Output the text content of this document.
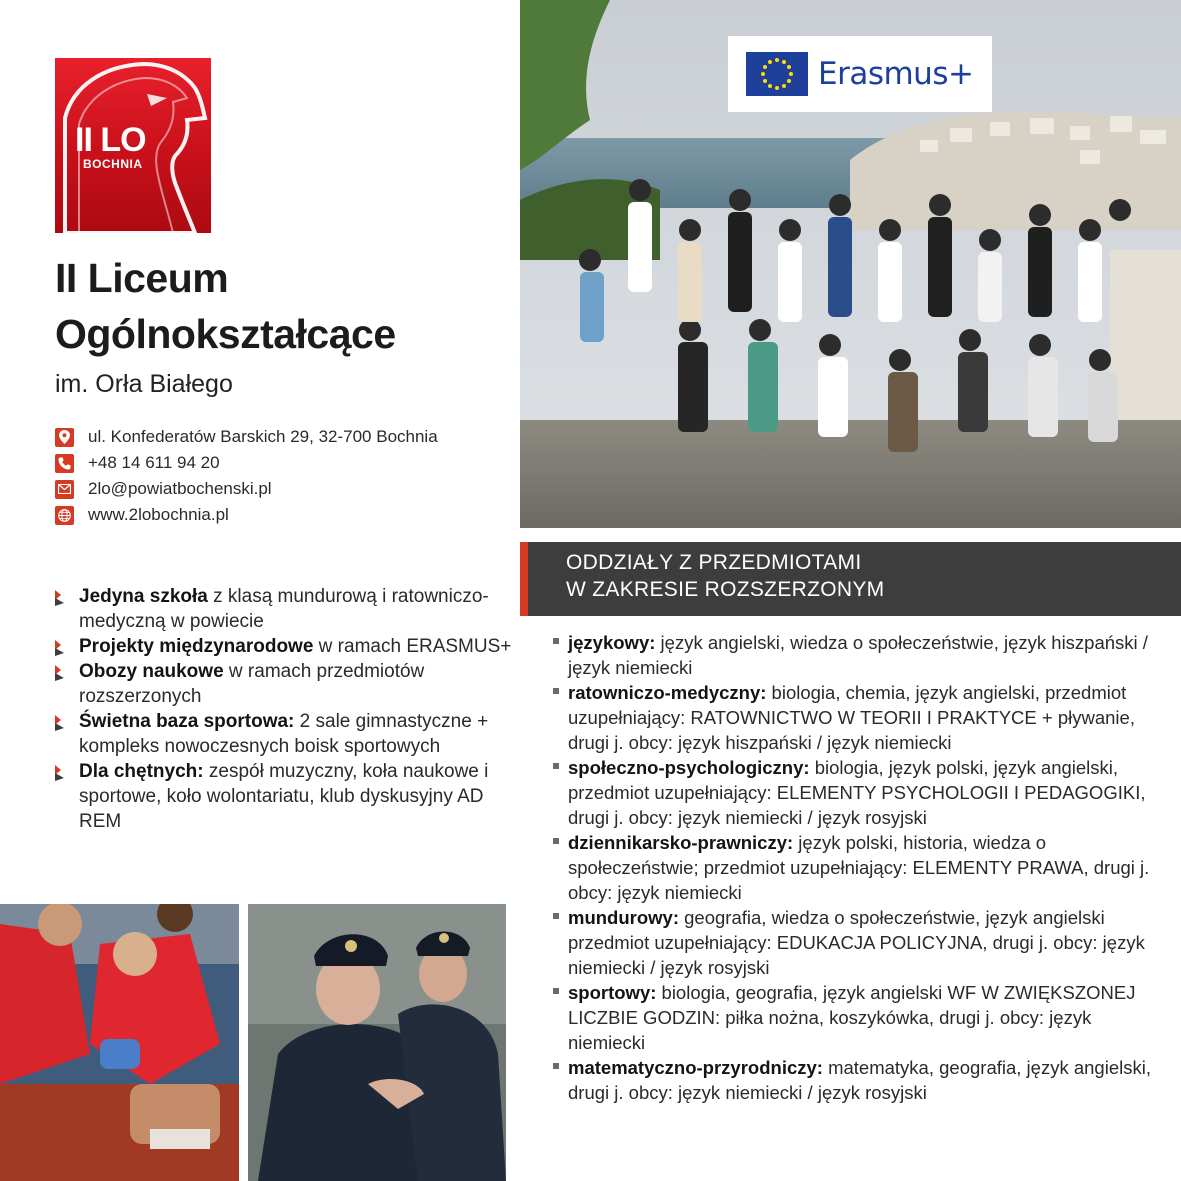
II LO
BOCHNIA
II Liceum
Ogólnokształcące
im. Orła Białego
ul. Konfederatów Barskich 29, 32-700 Bochnia
+48 14 611 94 20
2lo@powiatbochenski.pl
www.2lobochnia.pl
Jedyna szkoła z klasą mundurową i ratowniczo-medyczną w powiecie
Projekty międzynarodowe w ramach ERASMUS+
Obozy naukowe w ramach przedmiotów rozszerzonych
Świetna baza sportowa: 2 sale gimnastyczne + kompleks nowoczesnych boisk sportowych
Dla chętnych: zespół muzyczny, koła naukowe i sportowe, koło wolontariatu, klub dyskusyjny AD REM
Erasmus+
ODDZIAŁY Z PRZEDMIOTAMI
W ZAKRESIE ROZSZERZONYM
językowy: język angielski, wiedza o społeczeństwie, język hiszpański / język niemiecki
ratowniczo-medyczny: biologia, chemia, język angielski, przedmiot uzupełniający: RATOWNICTWO W TEORII I PRAKTYCE + pływanie, drugi j. obcy: język hiszpański / język niemiecki
społeczno-psychologiczny: biologia, język polski, język angielski, przedmiot uzupełniający: ELEMENTY PSYCHOLOGII I PEDAGOGIKI, drugi j. obcy: język niemiecki / język rosyjski
dziennikarsko-prawniczy: język polski, historia, wiedza o społeczeństwie; przedmiot uzupełniający: ELEMENTY PRAWA, drugi j. obcy: język niemiecki
mundurowy: geografia, wiedza o społeczeństwie, język angielski przedmiot uzupełniający: EDUKACJA POLICYJNA, drugi j. obcy: język niemiecki / język rosyjski
sportowy: biologia, geografia, język angielski WF W ZWIĘKSZONEJ LICZBIE GODZIN: piłka nożna, koszykówka, drugi j. obcy: język niemiecki
matematyczno-przyrodniczy: matematyka, geografia, język angielski, drugi j. obcy: język niemiecki / język rosyjski
